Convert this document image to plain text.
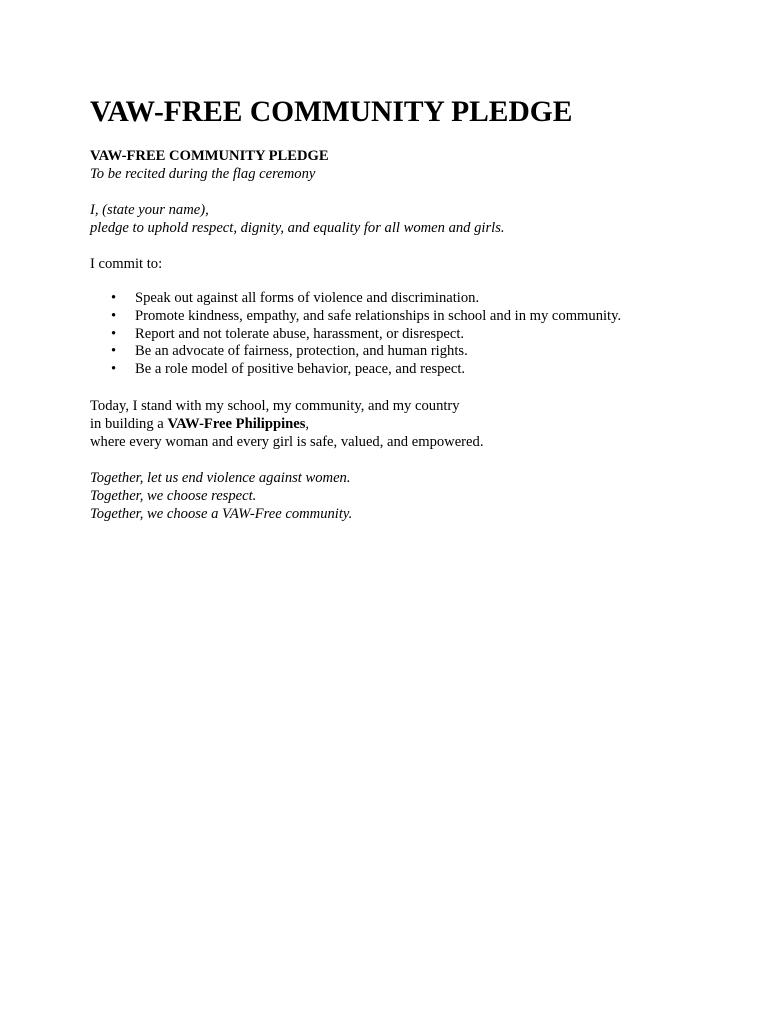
VAW-FREE COMMUNITY PLEDGE
VAW-FREE COMMUNITY PLEDGE
To be recited during the flag ceremony
I, (state your name),
pledge to uphold respect, dignity, and equality for all women and girls.
I commit to:
• Speak out against all forms of violence and discrimination.
• Promote kindness, empathy, and safe relationships in school and in my community.
• Report and not tolerate abuse, harassment, or disrespect.
• Be an advocate of fairness, protection, and human rights.
• Be a role model of positive behavior, peace, and respect.
Today, I stand with my school, my community, and my country
in building a VAW-Free Philippines,
where every woman and every girl is safe, valued, and empowered.
Together, let us end violence against women.
Together, we choose respect.
Together, we choose a VAW-Free community.
